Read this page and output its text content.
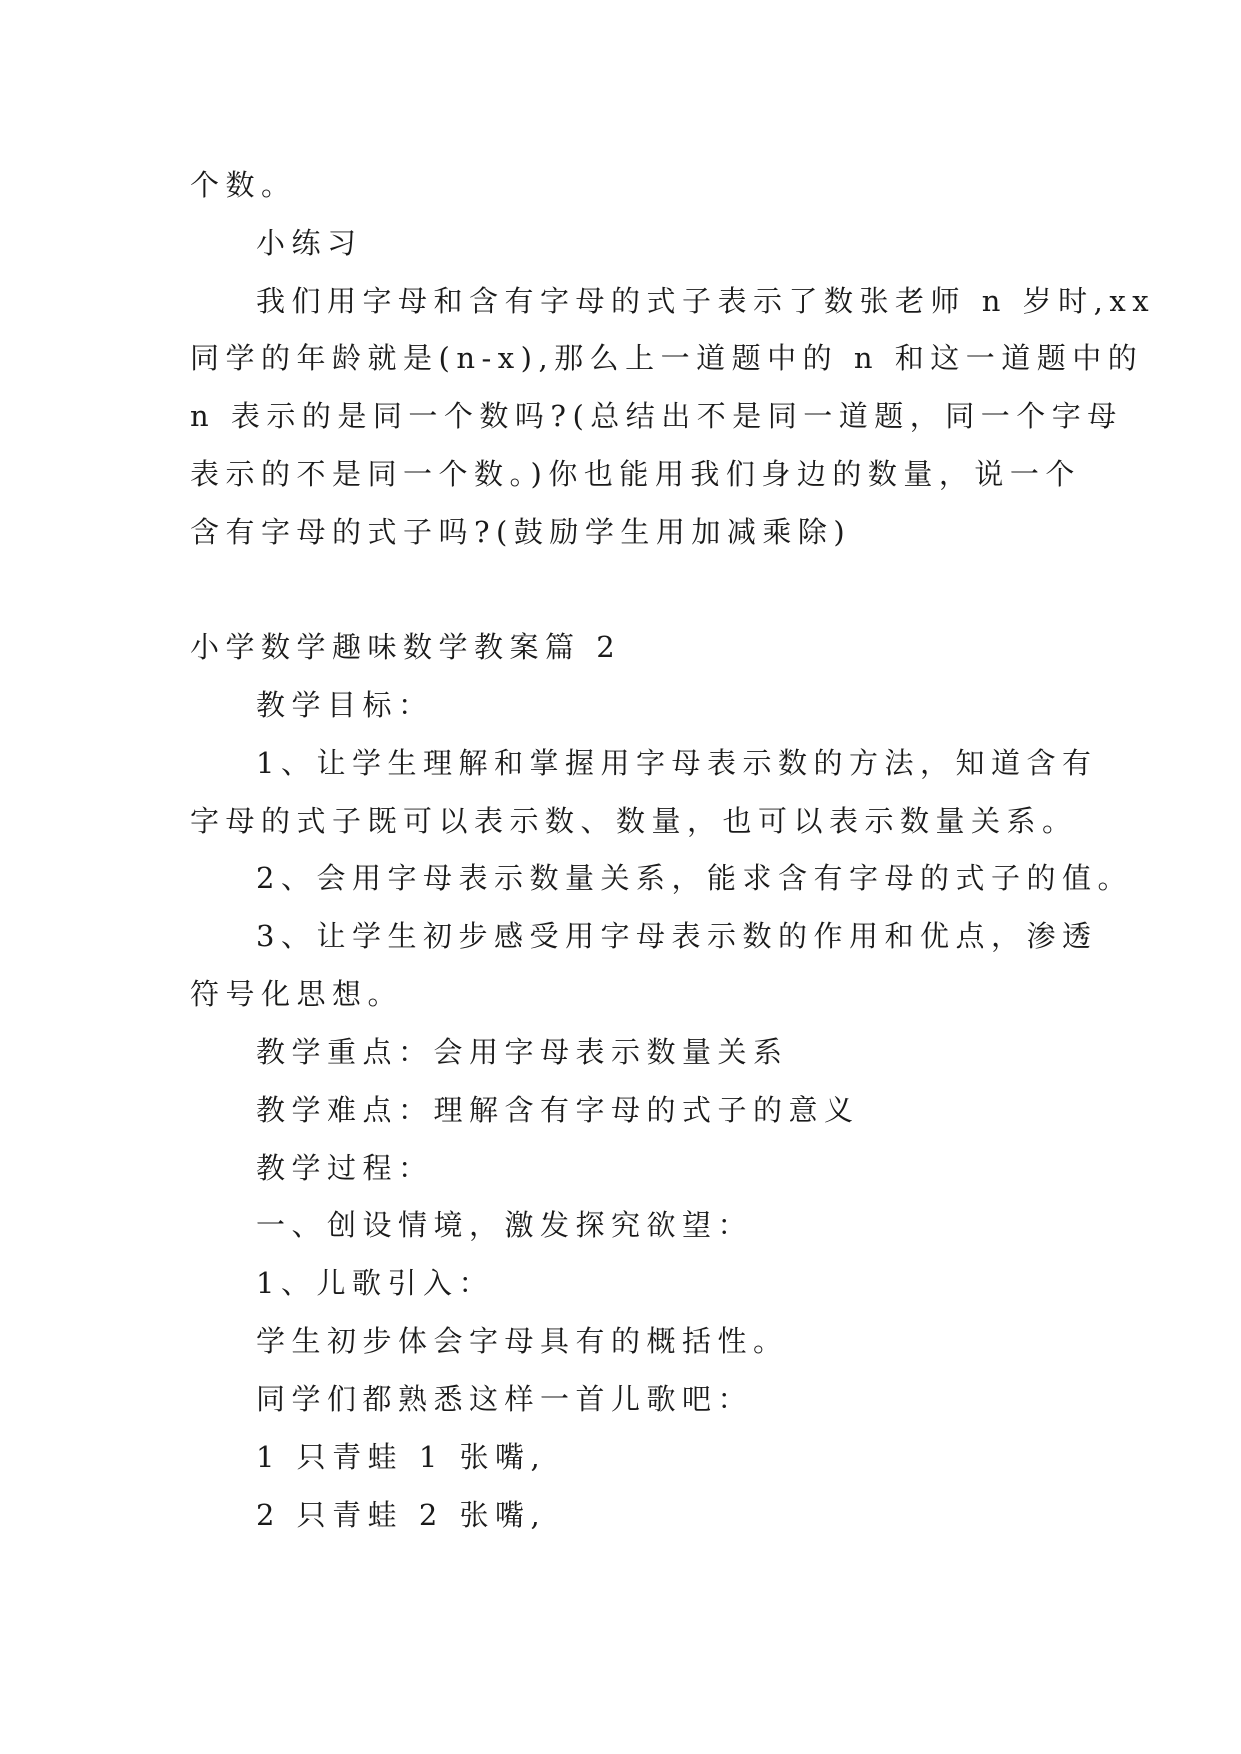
个数。
小练习
我们用字母和含有字母的式子表示了数张老师 n 岁时,xx
同学的年龄就是(n-x),那么上一道题中的 n 和这一道题中的
n 表示的是同一个数吗?(总结出不是同一道题，同一个字母
表示的不是同一个数。)你也能用我们身边的数量，说一个
含有字母的式子吗?(鼓励学生用加减乘除)
小学数学趣味数学教案篇 2
教学目标：
1、让学生理解和掌握用字母表示数的方法，知道含有
字母的式子既可以表示数、数量，也可以表示数量关系。
2、会用字母表示数量关系，能求含有字母的式子的值。
3、让学生初步感受用字母表示数的作用和优点，渗透
符号化思想。
教学重点：会用字母表示数量关系
教学难点：理解含有字母的式子的意义
教学过程：
一、创设情境，激发探究欲望：
1、儿歌引入：
学生初步体会字母具有的概括性。
同学们都熟悉这样一首儿歌吧：
1 只青蛙 1 张嘴,
2 只青蛙 2 张嘴,
